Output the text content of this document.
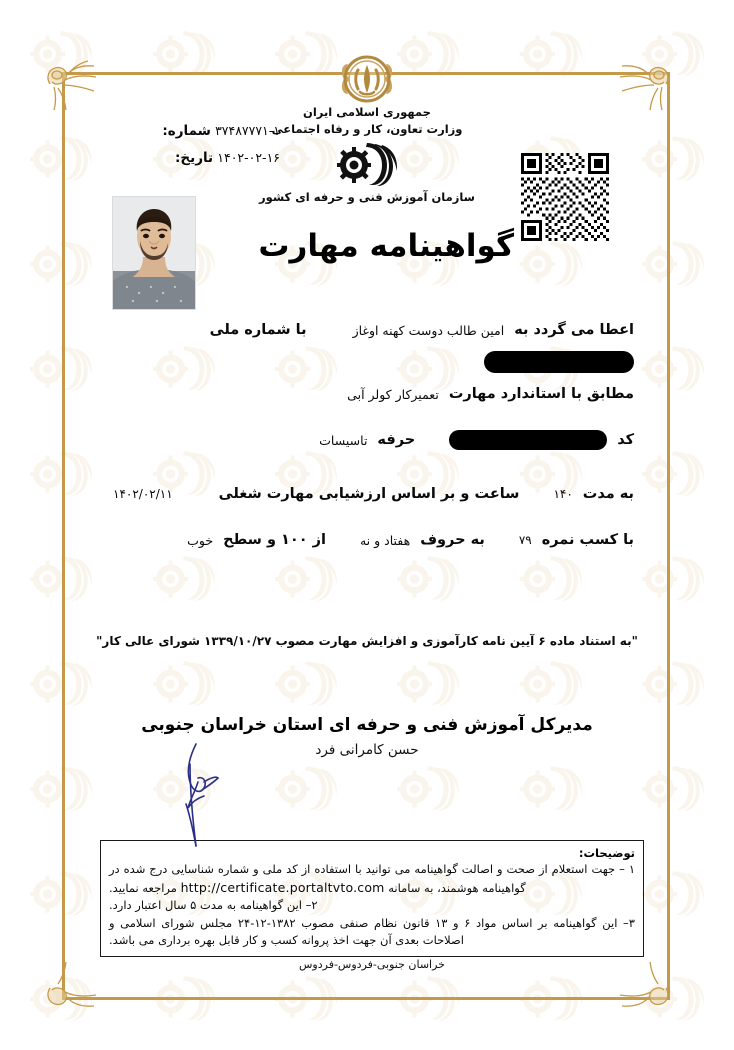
جمهوری اسلامی ایران
وزارت تعاون، کار و رفاه اجتماعی
سازمان آموزش فنی و حرفه ای کشور
۳۷۴۸۷۷۷۱-۱ شماره:
۱۴۰۲-۰۲-۱۶ تاریخ:
گواهینامه مهارت
اعطا می گردد به
امین طالب دوست کهنه اوغاز
با شماره ملی
مطابق با استاندارد مهارت
تعمیرکار کولر آبی
کد
حرفه
تاسیسات
به مدت
۱۴۰
ساعت و بر اساس ارزشیابی مهارت شغلی
۱۴۰۲/۰۲/۱۱
با کسب نمره
۷۹
به حروف
هفتاد و نه
از ۱۰۰ و سطح
خوب
"به استناد ماده ۶ آیین نامه کارآموزی و افزایش مهارت مصوب ۱۳۳۹/۱۰/۲۷ شورای عالی کار"
مدیرکل آموزش فنی و حرفه ای استان خراسان جنوبی
حسن کامرانی فرد
توضیحات:
۱ – جهت استعلام از صحت و اصالت گواهینامه می توانید با استفاده از کد ملی و شماره شناسایی درج شده در گواهینامه هوشمند، به سامانه http://certificate.portaltvto.com مراجعه نمایید.
۲– این گواهینامه به مدت ۵ سال اعتبار دارد.
۳– این گواهینامه بر اساس مواد ۶ و ۱۳ قانون نظام صنفی مصوب ۱۳۸۲-۱۲-۲۴ مجلس شورای اسلامی و اصلاحات بعدی آن جهت اخذ پروانه کسب و کار قابل بهره برداری می باشد.
خراسان جنوبی-فردوس-فردوس
